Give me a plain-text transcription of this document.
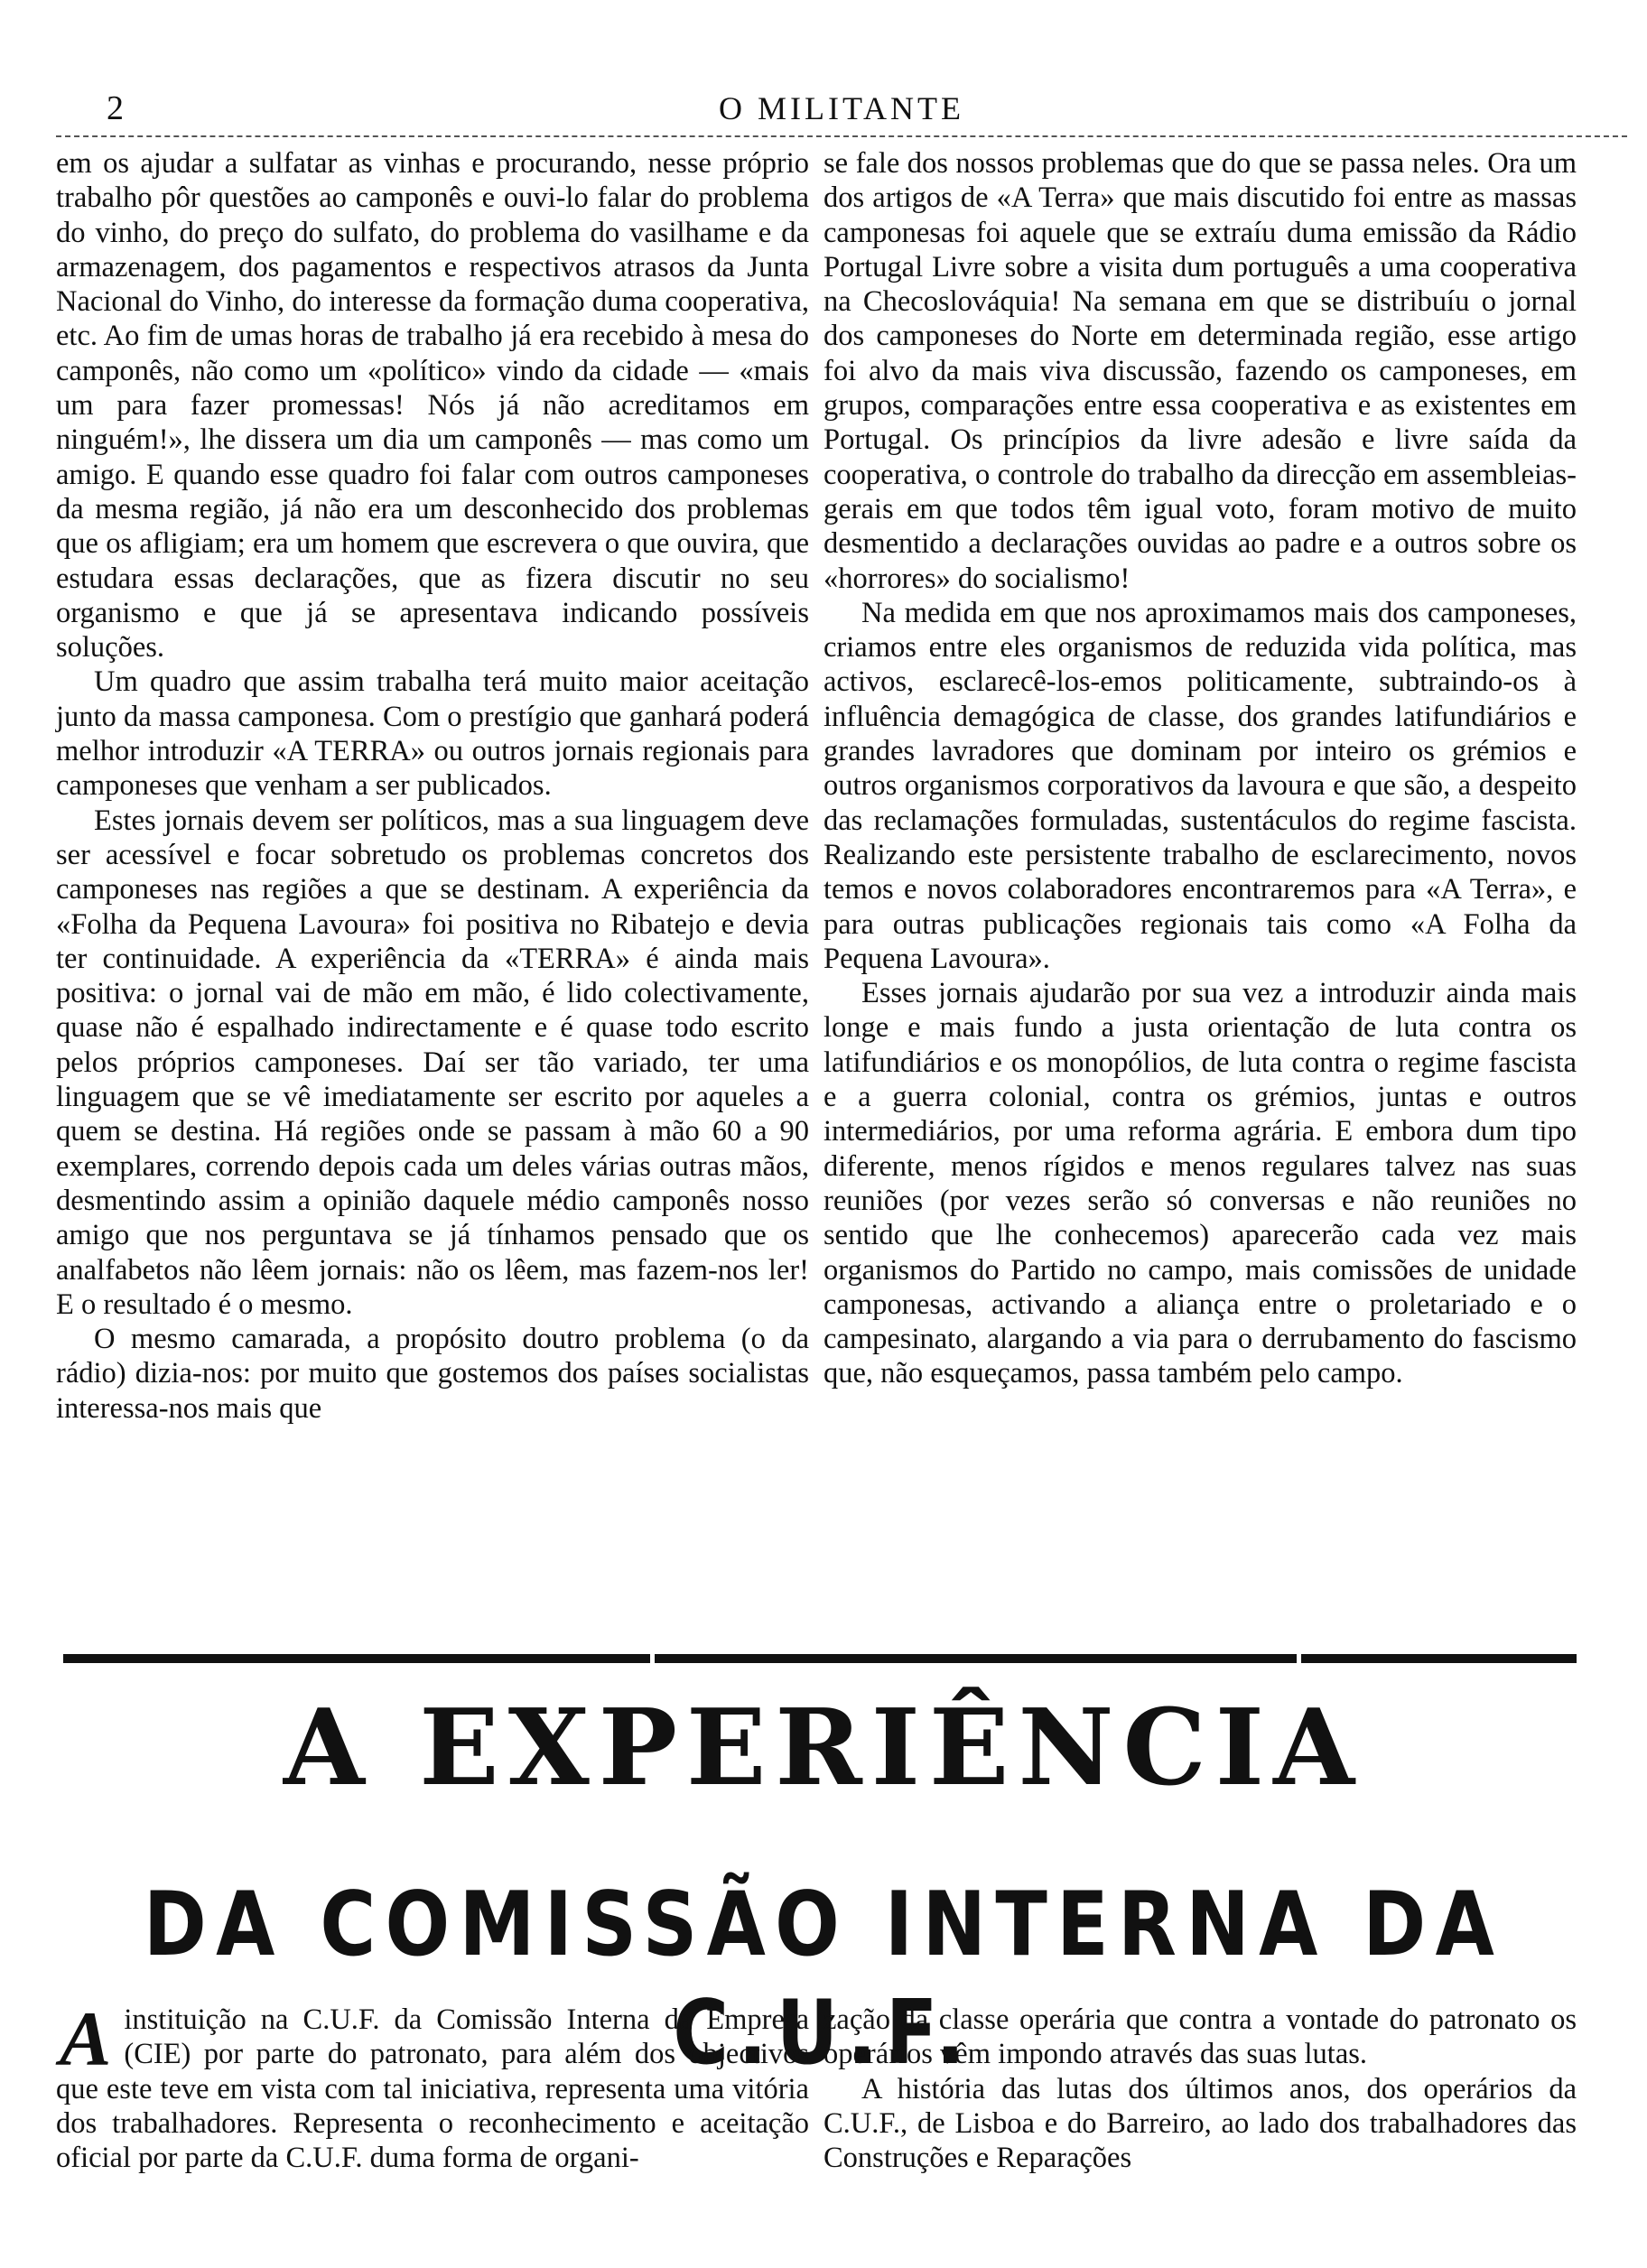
2	O MILITANTE

em os ajudar a sulfatar as vinhas e procurando, nesse próprio trabalho pôr questões ao camponês e ouvi-lo falar do problema do vinho, do preço do sulfato, do problema do vasilhame e da armazenagem, dos pagamentos e respectivos atrasos da Junta Nacional do Vinho, do interesse da formação duma cooperativa, etc. Ao fim de umas horas de trabalho já era recebido à mesa do camponês, não como um «político» vindo da cidade — «mais um para fazer promessas! Nós já não acreditamos em ninguém!», lhe dissera um dia um camponês — mas como um amigo. E quando esse quadro foi falar com outros camponeses da mesma região, já não era um desconhecido dos problemas que os afligiam; era um homem que escrevera o que ouvira, que estudara essas declarações, que as fizera discutir no seu organismo e que já se apresentava indicando possíveis soluções.

Um quadro que assim trabalha terá muito maior aceitação junto da massa camponesa. Com o prestígio que ganhará poderá melhor introduzir «A TERRA» ou outros jornais regionais para camponeses que venham a ser publicados.

Estes jornais devem ser políticos, mas a sua linguagem deve ser acessível e focar sobretudo os problemas concretos dos camponeses nas regiões a que se destinam. A experiência da «Folha da Pequena Lavoura» foi positiva no Ribatejo e devia ter continuidade. A experiência da «TERRA» é ainda mais positiva: o jornal vai de mão em mão, é lido colectivamente, quase não é espalhado indirectamente e é quase todo escrito pelos próprios camponeses. Daí ser tão variado, ter uma linguagem que se vê imediatamente ser escrito por aqueles a quem se destina. Há regiões onde se passam à mão 60 a 90 exemplares, correndo depois cada um deles várias outras mãos, desmentindo assim a opinião daquele médio camponês nosso amigo que nos perguntava se já tínhamos pensado que os analfabetos não lêem jornais: não os lêem, mas fazem-nos ler! E o resultado é o mesmo.

O mesmo camarada, a propósito doutro problema (o da rádio) dizia-nos: por muito que gostemos dos países socialistas interessa-nos mais que

se fale dos nossos problemas que do que se passa neles. Ora um dos artigos de «A Terra» que mais discutido foi entre as massas camponesas foi aquele que se extraíu duma emissão da Rádio Portugal Livre sobre a visita dum português a uma cooperativa na Checoslováquia! Na semana em que se distribuíu o jornal dos camponeses do Norte em determinada região, esse artigo foi alvo da mais viva discussão, fazendo os camponeses, em grupos, comparações entre essa cooperativa e as existentes em Portugal. Os princípios da livre adesão e livre saída da cooperativa, o controle do trabalho da direcção em assembleias-gerais em que todos têm igual voto, foram motivo de muito desmentido a declarações ouvidas ao padre e a outros sobre os «horrores» do socialismo!

Na medida em que nos aproximamos mais dos camponeses, criamos entre eles organismos de reduzida vida política, mas activos, esclarecê-los-emos politicamente, subtraindo-os à influência demagógica de classe, dos grandes latifundiários e grandes lavradores que dominam por inteiro os grémios e outros organismos corporativos da lavoura e que são, a despeito das reclamações formuladas, sustentáculos do regime fascista. Realizando este persistente trabalho de esclarecimento, novos temos e novos colaboradores encontraremos para «A Terra», e para outras publicações regionais tais como «A Folha da Pequena Lavoura».

Esses jornais ajudarão por sua vez a introduzir ainda mais longe e mais fundo a justa orientação de luta contra os latifundiários e os monopólios, de luta contra o regime fascista e a guerra colonial, contra os grémios, juntas e outros intermediários, por uma reforma agrária. E embora dum tipo diferente, menos rígidos e menos regulares talvez nas suas reuniões (por vezes serão só conversas e não reuniões no sentido que lhe conhecemos) aparecerão cada vez mais organismos do Partido no campo, mais comissões de unidade camponesas, activando a aliança entre o proletariado e o campesinato, alargando a via para o derrubamento do fascismo que, não esqueçamos, passa também pelo campo.

A EXPERIÊNCIA
DA COMISSÃO INTERNA DA C.U.F.

Ainstituição na C.U.F. da Comissão Interna da Empresa (CIE) por parte do patronato, para além dos objectivos que este teve em vista com tal iniciativa, representa uma vitória dos trabalhadores. Representa o reconhecimento e aceitação oficial por parte da C.U.F. duma forma de organi-

zação da classe operária que contra a vontade do patronato os operários vêm impondo através das suas lutas.

A história das lutas dos últimos anos, dos operários da C.U.F., de Lisboa e do Barreiro, ao lado dos trabalhadores das Construções e Reparações
